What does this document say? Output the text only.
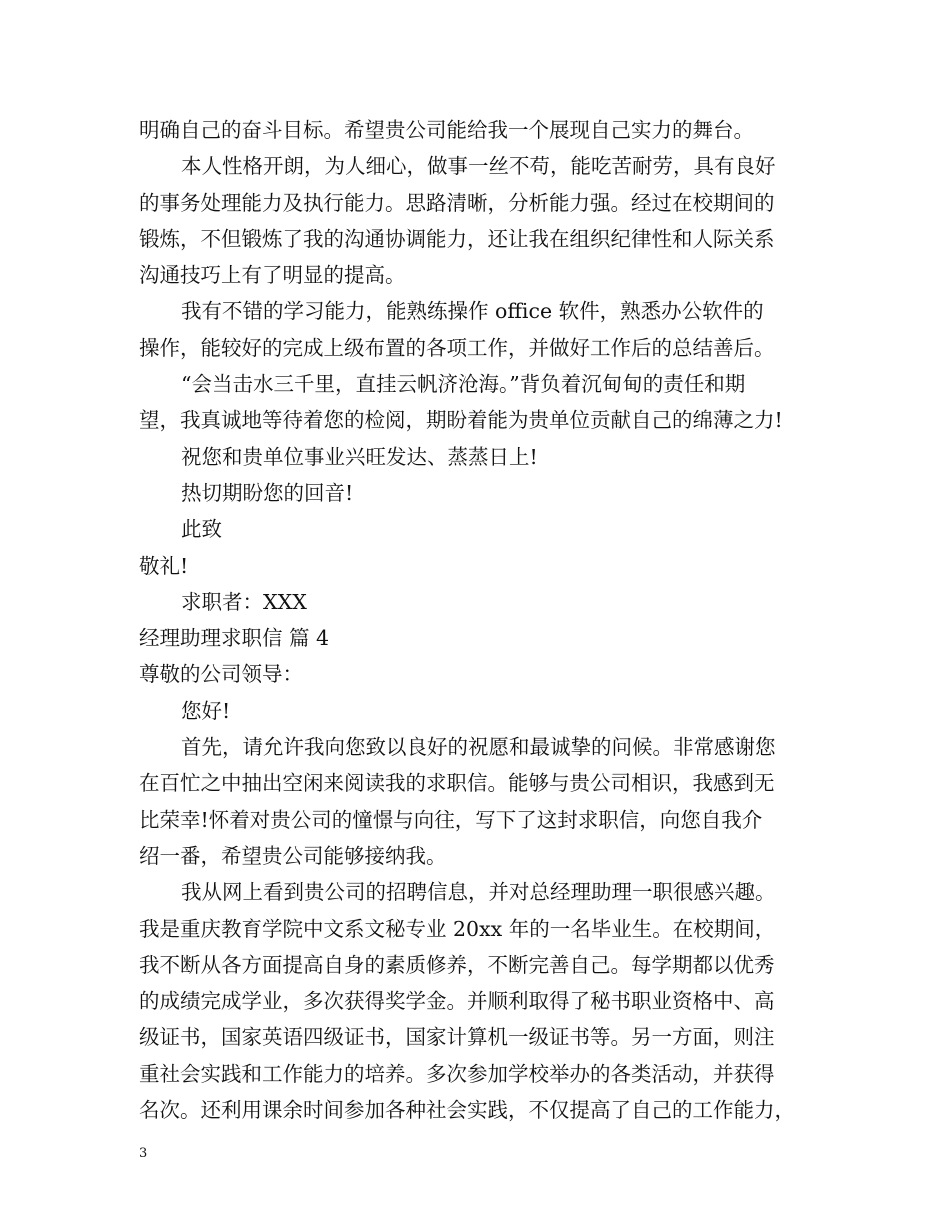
明确自己的奋斗目标。希望贵公司能给我一个展现自己实力的舞台。
本人性格开朗，为人细心，做事一丝不苟，能吃苦耐劳，具有良好
的事务处理能力及执行能力。思路清晰，分析能力强。经过在校期间的
锻炼，不但锻炼了我的沟通协调能力，还让我在组织纪律性和人际关系
沟通技巧上有了明显的提高。
我有不错的学习能力，能熟练操作 office 软件，熟悉办公软件的
操作，能较好的完成上级布置的各项工作，并做好工作后的总结善后。
“会当击水三千里，直挂云帆济沧海。”背负着沉甸甸的责任和期
望，我真诚地等待着您的检阅，期盼着能为贵单位贡献自己的绵薄之力!
祝您和贵单位事业兴旺发达、蒸蒸日上!
热切期盼您的回音!
此致
敬礼!
求职者：XXX
经理助理求职信 篇 4
尊敬的公司领导：
您好!
首先，请允许我向您致以良好的祝愿和最诚挚的问候。非常感谢您
在百忙之中抽出空闲来阅读我的求职信。能够与贵公司相识，我感到无
比荣幸!怀着对贵公司的憧憬与向往，写下了这封求职信，向您自我介
绍一番，希望贵公司能够接纳我。
我从网上看到贵公司的招聘信息，并对总经理助理一职很感兴趣。
我是重庆教育学院中文系文秘专业 20xx 年的一名毕业生。在校期间，
我不断从各方面提高自身的素质修养，不断完善自己。每学期都以优秀
的成绩完成学业，多次获得奖学金。并顺利取得了秘书职业资格中、高
级证书，国家英语四级证书，国家计算机一级证书等。另一方面，则注
重社会实践和工作能力的培养。多次参加学校举办的各类活动，并获得
名次。还利用课余时间参加各种社会实践，不仅提高了自己的工作能力，
3
